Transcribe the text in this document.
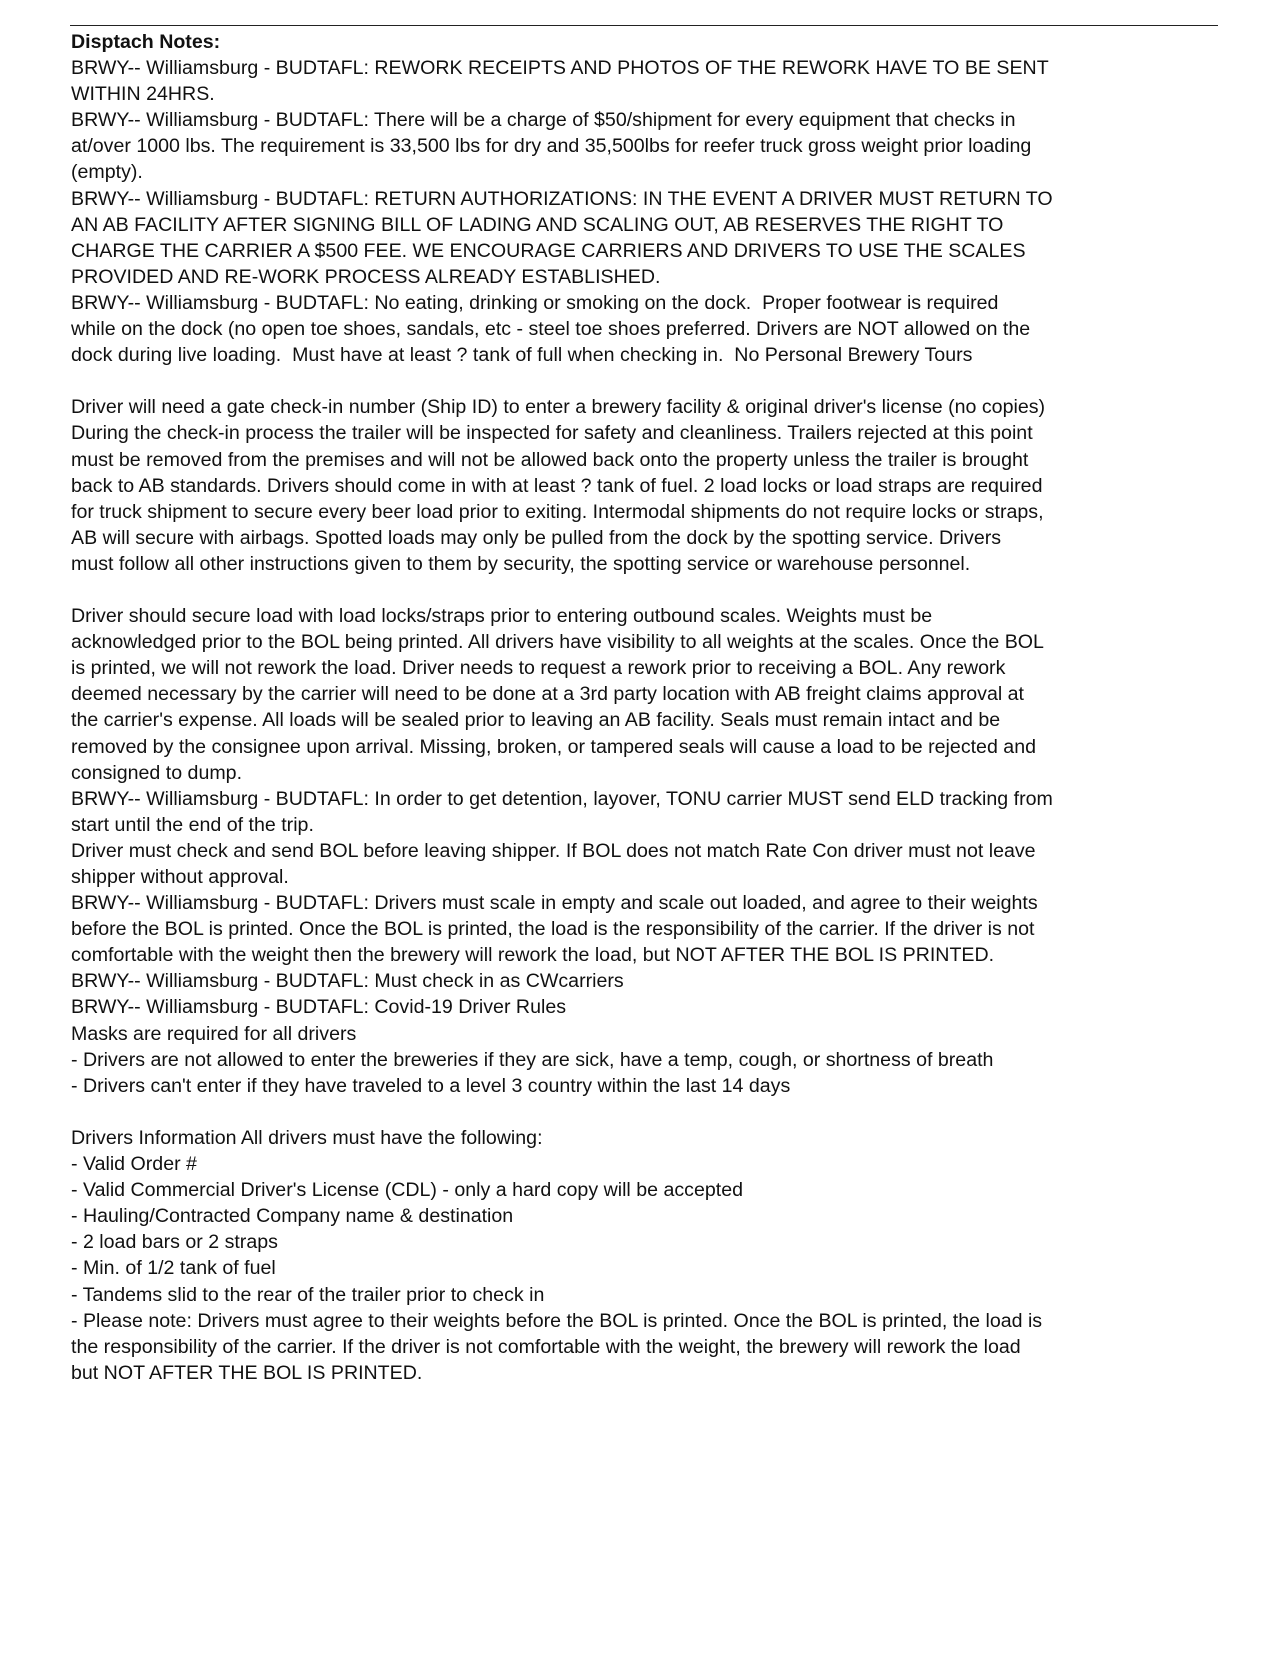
Disptach Notes:

BRWY-- Williamsburg - BUDTAFL: REWORK RECEIPTS AND PHOTOS OF THE REWORK HAVE TO BE SENT

WITHIN 24HRS.

BRWY-- Williamsburg - BUDTAFL: There will be a charge of $50/shipment for every equipment that checks in

at/over 1000 lbs. The requirement is 33,500 lbs for dry and 35,500lbs for reefer truck gross weight prior loading

(empty).

BRWY-- Williamsburg - BUDTAFL: RETURN AUTHORIZATIONS: IN THE EVENT A DRIVER MUST RETURN TO

AN AB FACILITY AFTER SIGNING BILL OF LADING AND SCALING OUT, AB RESERVES THE RIGHT TO

CHARGE THE CARRIER A $500 FEE. WE ENCOURAGE CARRIERS AND DRIVERS TO USE THE SCALES

PROVIDED AND RE-WORK PROCESS ALREADY ESTABLISHED.

BRWY-- Williamsburg - BUDTAFL: No eating, drinking or smoking on the dock.  Proper footwear is required

while on the dock (no open toe shoes, sandals, etc - steel toe shoes preferred. Drivers are NOT allowed on the

dock during live loading.  Must have at least ? tank of full when checking in.  No Personal Brewery Tours

Driver will need a gate check-in number (Ship ID) to enter a brewery facility & original driver's license (no copies)

During the check-in process the trailer will be inspected for safety and cleanliness. Trailers rejected at this point

must be removed from the premises and will not be allowed back onto the property unless the trailer is brought

back to AB standards. Drivers should come in with at least ? tank of fuel. 2 load locks or load straps are required

for truck shipment to secure every beer load prior to exiting. Intermodal shipments do not require locks or straps,

AB will secure with airbags. Spotted loads may only be pulled from the dock by the spotting service. Drivers

must follow all other instructions given to them by security, the spotting service or warehouse personnel.

Driver should secure load with load locks/straps prior to entering outbound scales. Weights must be

acknowledged prior to the BOL being printed. All drivers have visibility to all weights at the scales. Once the BOL

is printed, we will not rework the load. Driver needs to request a rework prior to receiving a BOL. Any rework

deemed necessary by the carrier will need to be done at a 3rd party location with AB freight claims approval at

the carrier's expense. All loads will be sealed prior to leaving an AB facility. Seals must remain intact and be

removed by the consignee upon arrival. Missing, broken, or tampered seals will cause a load to be rejected and

consigned to dump.

BRWY-- Williamsburg - BUDTAFL: In order to get detention, layover, TONU carrier MUST send ELD tracking from

start until the end of the trip.

Driver must check and send BOL before leaving shipper. If BOL does not match Rate Con driver must not leave

shipper without approval.

BRWY-- Williamsburg - BUDTAFL: Drivers must scale in empty and scale out loaded, and agree to their weights

before the BOL is printed. Once the BOL is printed, the load is the responsibility of the carrier. If the driver is not

comfortable with the weight then the brewery will rework the load, but NOT AFTER THE BOL IS PRINTED.

BRWY-- Williamsburg - BUDTAFL: Must check in as CWcarriers

BRWY-- Williamsburg - BUDTAFL: Covid-19 Driver Rules

Masks are required for all drivers

- Drivers are not allowed to enter the breweries if they are sick, have a temp, cough, or shortness of breath

- Drivers can't enter if they have traveled to a level 3 country within the last 14 days

Drivers Information All drivers must have the following:

- Valid Order #

- Valid Commercial Driver's License (CDL) - only a hard copy will be accepted

- Hauling/Contracted Company name & destination

- 2 load bars or 2 straps

- Min. of 1/2 tank of fuel

- Tandems slid to the rear of the trailer prior to check in

- Please note: Drivers must agree to their weights before the BOL is printed. Once the BOL is printed, the load is

the responsibility of the carrier. If the driver is not comfortable with the weight, the brewery will rework the load

but NOT AFTER THE BOL IS PRINTED.
